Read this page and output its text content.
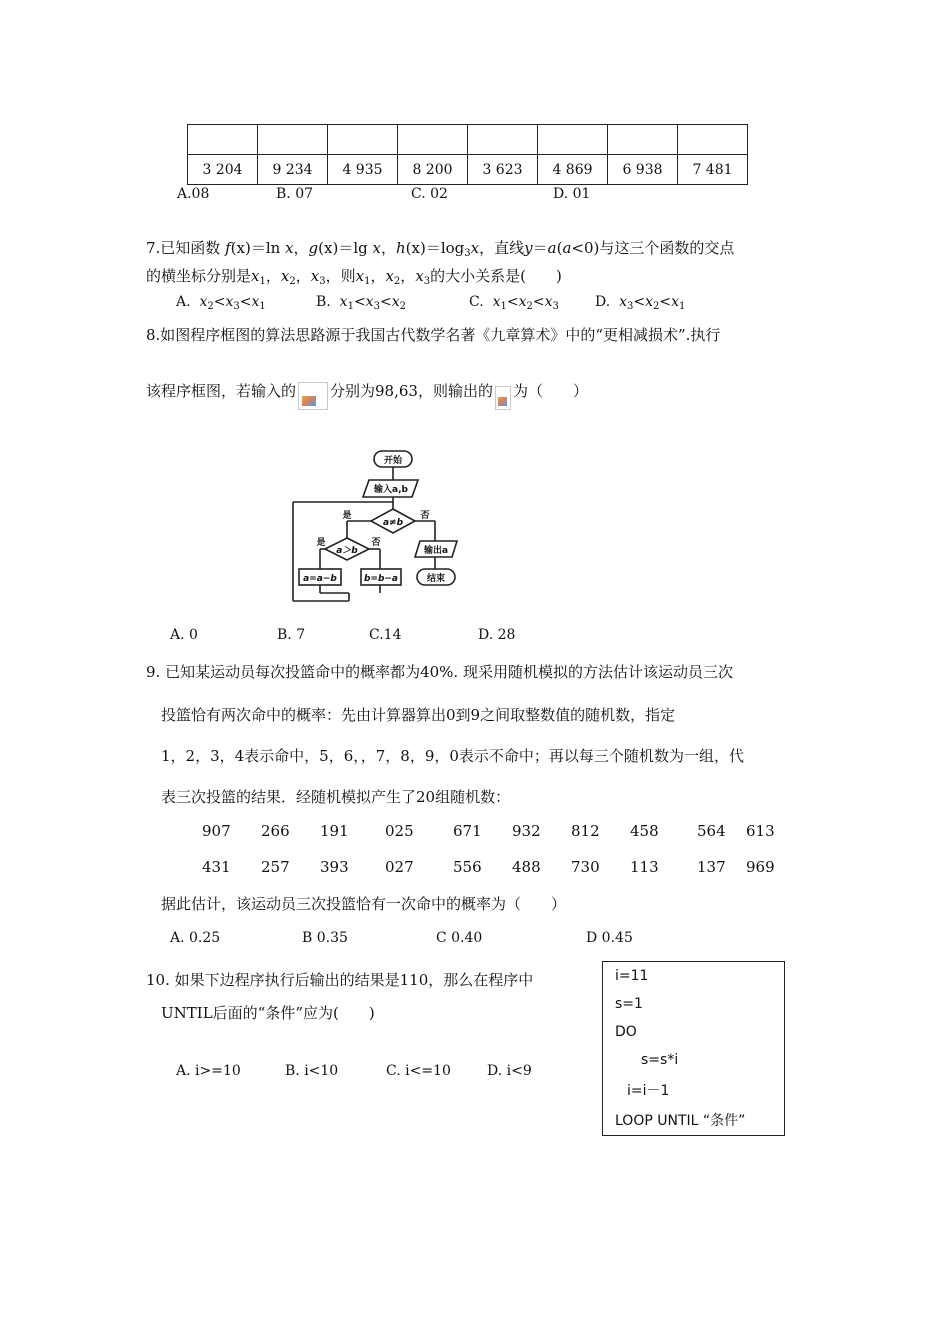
3 204	9 234	4 935	8 200	3 623	4 869	6 938	7 481
A.08	B. 07	C. 02	D. 01
7.已知函数 f(x)＝ln x，g(x)＝lg x，$h(x)=\log_3x$，直线y＝a(a<0)与这三个函数的交点
的横坐标分别是$x_1$，$x_2$，$x_3$，则$x_1$，$x_2$，$x_3$的大小关系是(　　)
A. $x_2<x_3<x_1$	B. $x_1<x_3<x_2$	C. $x_1<x_2<x_3$	D. $x_3<x_2<x_1$
8.如图程序框图的算法思路源于我国古代数学名著《九章算术》中的“更相减损术”.执行
该程序框图，若输入的 分别为98,63，则输出的 为（　　）
开始
输入a,b
a≠b
是	否
a＞b
是	否
a=a−b	b=b−a
输出a
结束
A. 0	B. 7	C.14	D. 28
9. 已知某运动员每次投篮命中的概率都为40%. 现采用随机模拟的方法估计该运动员三次
投篮恰有两次命中的概率：先由计算器算出0到9之间取整数值的随机数，指定
1，2，3，4表示命中，5，6，，7，8，9，0表示不命中；再以每三个随机数为一组，代
表三次投篮的结果．经随机模拟产生了20组随机数：
907 266 191 025	671 932 812 458	564 613
431 257 393 027	556 488 730 113	137 969
据此估计，该运动员三次投篮恰有一次命中的概率为（　　）
A. 0.25	B 0.35	C 0.40	D 0.45
10. 如果下边程序执行后输出的结果是110，那么在程序中
UNTIL后面的“条件”应为(　　)
A. i>=10	B. i<10	C. i<=10	D. i<9
i=11
s=1
DO
s=s*i
i=i－1
LOOP UNTIL “条件”
